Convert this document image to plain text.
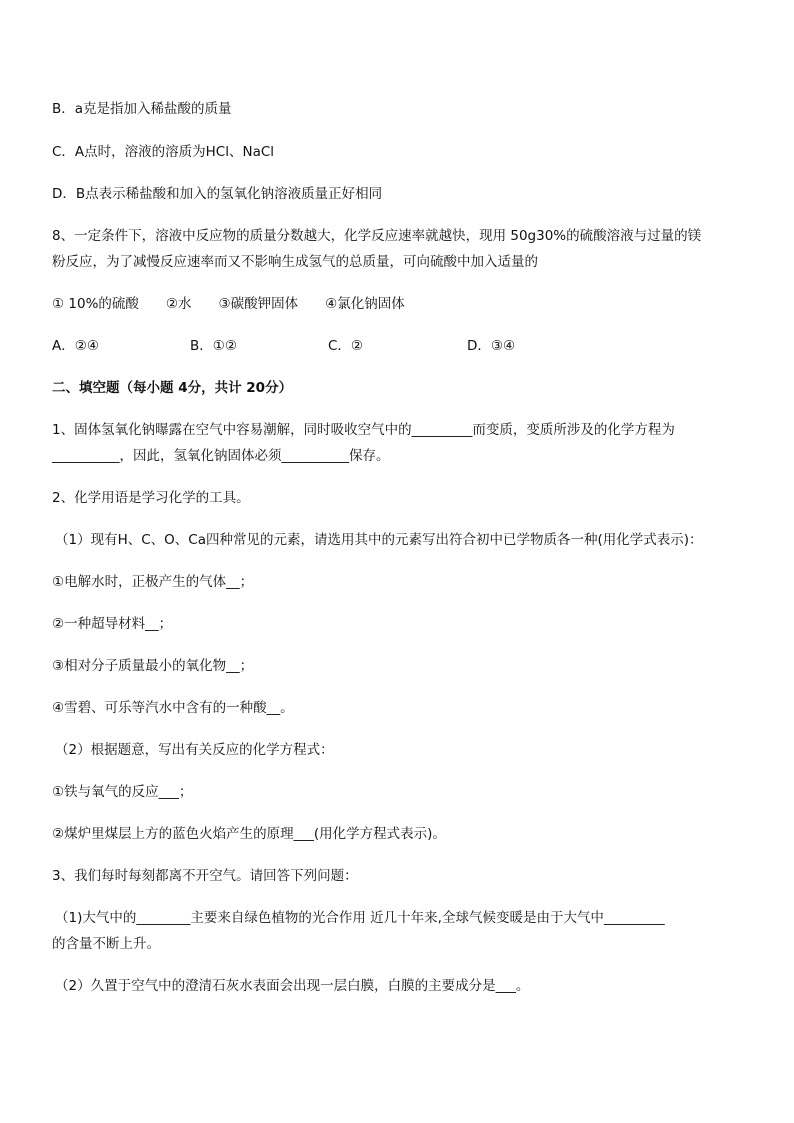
B．a克是指加入稀盐酸的质量
C．A点时，溶液的溶质为HCl、NaCl
D．B点表示稀盐酸和加入的氢氧化钠溶液质量正好相同
8、一定条件下，溶液中反应物的质量分数越大，化学反应速率就越快，现用 50g30%的硫酸溶液与过量的镁
粉反应，为了减慢反应速率而又不影响生成氢气的总质量，可向硫酸中加入适量的
① 10%的硫酸　　②水　　③碳酸钾固体　　④氯化钠固体
A．②④	B．①②	C．②	D．③④
二、填空题（每小题 4分，共计 20分）
1、固体氢氧化钠曝露在空气中容易潮解，同时吸收空气中的_________而变质，变质所涉及的化学方程为
__________，因此，氢氧化钠固体必须__________保存。
2、化学用语是学习化学的工具。
（1）现有H、C、O、Ca四种常见的元素，请选用其中的元素写出符合初中已学物质各一种(用化学式表示)：
①电解水时，正极产生的气体__；
②一种超导材料__；
③相对分子质量最小的氧化物__；
④雪碧、可乐等汽水中含有的一种酸__。
（2）根据题意，写出有关反应的化学方程式：
①铁与氧气的反应___；
②煤炉里煤层上方的蓝色火焰产生的原理___(用化学方程式表示)。
3、我们每时每刻都离不开空气。请回答下列问题：
（1)大气中的________主要来自绿色植物的光合作用 近几十年来,全球气候变暖是由于大气中_________
的含量不断上升。
（2）久置于空气中的澄清石灰水表面会出现一层白膜，白膜的主要成分是___。
